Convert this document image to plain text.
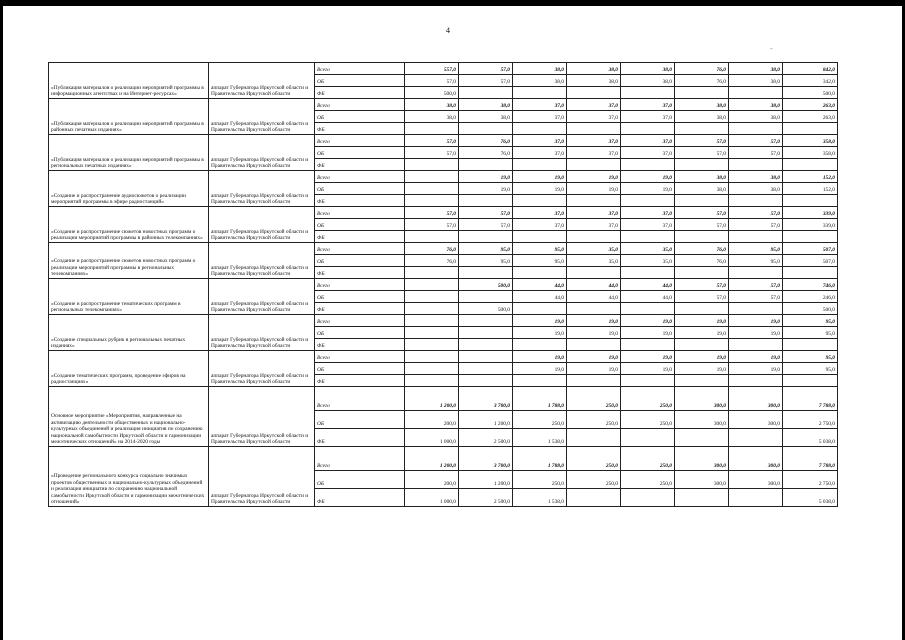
4
-
«Публикация материалов о реализации мероприятий программы в информационных агентствах и на Интернет-ресурсах»	аппарат Губернатора Иркутской области и Правительства Иркутской области	Всего	557,0	57,0	38,0	38,0	38,0	76,0	38,0	842,0
		ОБ	57,0	57,0	38,0	38,0	38,0	76,0	38,0	342,0
		ФБ	500,0							500,0
«Публикация материалов о реализации мероприятий программы в районных печатных изданиях»	аппарат Губернатора Иркутской области и Правительства Иркутской области	Всего	38,0	38,0	37,0	37,0	37,0	38,0	38,0	263,0
		ОБ	38,0	38,0	37,0	37,0	37,0	38,0	38,0	263,0
		ФБ								
«Публикация материалов о реализации мероприятий программы в региональных печатных изданиях»	аппарат Губернатора Иркутской области и Правительства Иркутской области	Всего	57,0	76,0	37,0	37,0	37,0	57,0	57,0	358,0
		ОБ	57,0	76,0	37,0	37,0	37,0	57,0	57,0	358,0
		ФБ								
«Создание и распространение аудиосюжетов о реализации мероприятий программы в эфире радиостанций»	аппарат Губернатора Иркутской области и Правительства Иркутской области	Всего		19,0	19,0	19,0	19,0	38,0	38,0	152,0
		ОБ		19,0	19,0	19,0	19,0	38,0	38,0	152,0
		ФБ								
«Создание и распространение сюжетов новостных программ о реализации мероприятий программы в районных телекомпаниях»	аппарат Губернатора Иркутской области и Правительства Иркутской области	Всего	57,0	57,0	37,0	37,0	37,0	57,0	57,0	339,0
		ОБ	57,0	57,0	37,0	37,0	37,0	57,0	57,0	339,0
		ФБ								
«Создание и распространение сюжетов новостных программ о реализации мероприятий программы в региональных телекомпаниях»	аппарат Губернатора Иркутской области и Правительства Иркутской области	Всего	76,0	95,0	95,0	35,0	35,0	76,0	95,0	507,0
		ОБ	76,0	95,0	95,0	35,0	35,0	76,0	95,0	507,0
		ФБ								
«Создание и распространение тематических программ в региональных телекомпаниях»	аппарат Губернатора Иркутской области и Правительства Иркутской области	Всего		500,0	44,0	44,0	44,0	57,0	57,0	746,0
		ОБ			44,0	44,0	44,0	57,0	57,0	246,0
		ФБ		500,0						500,0
«Создание специальных рубрик в региональных печатных изданиях»	аппарат Губернатора Иркутской области и Правительства Иркутской области	Всего			19,0	19,0	19,0	19,0	19,0	95,0
		ОБ			19,0	19,0	19,0	19,0	19,0	95,0
		ФБ								
«Создание тематических программ, проведение эфиров на радиостанциях»	аппарат Губернатора Иркутской области и Правительства Иркутской области	Всего			19,0	19,0	19,0	19,0	19,0	95,0
		ОБ			19,0	19,0	19,0	19,0	19,0	95,0
		ФБ								
Основное мероприятие «Мероприятия, направленные на активизацию деятельности общественных и национально-культурных объединений и реализация инициатив по сохранению национальной самобытности Иркутской области и гармонизации межэтнических отношений» на 2014-2020 годы	аппарат Губернатора Иркутской области и Правительства Иркутской области	Всего	1 200,0	3 700,0	1 788,0	250,0	250,0	300,0	300,0	7 788,0
		ОБ	200,0	1 200,0	250,0	250,0	250,0	300,0	300,0	2 750,0
		ФБ	1 000,0	2 500,0	1 538,0					5 038,0
«Проведение регионального конкурса социально значимых проектов общественных и национально-культурных объединений и реализация инициатив по сохранению национальной самобытности Иркутской области и гармонизации межэтнических отношений»	аппарат Губернатора Иркутской области и Правительства Иркутской области	Всего	1 200,0	3 700,0	1 788,0	250,0	250,0	300,0	300,0	7 788,0
		ОБ	200,0	1 200,0	250,0	250,0	250,0	300,0	300,0	2 750,0
		ФБ	1 000,0	2 500,0	1 538,0					5 038,0
